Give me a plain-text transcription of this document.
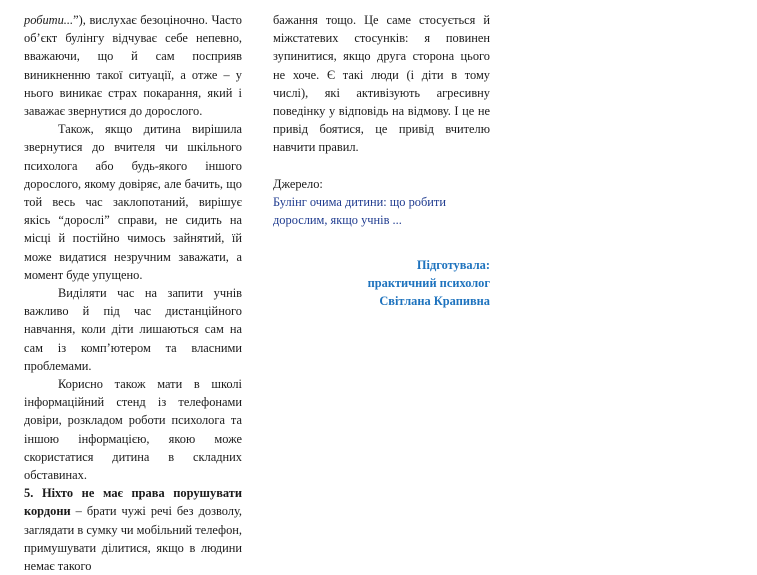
робити...”), вислухає безоціночно. Часто об’єкт булінгу відчуває себе непевно, вважаючи, що й сам посприяв виникненню такої ситуації, а отже – у нього виникає страх покарання, який і заважає звернутися до дорослого.

Також, якщо дитина вирішила звернутися до вчителя чи шкільного психолога або будь-якого іншого дорослого, якому довіряє, але бачить, що той весь час заклопотаний, вирішує якісь “дорослі” справи, не сидить на місці й постійно чимось зайнятий, їй може видатися незручним заважати, а момент буде упущено.

Виділяти час на запити учнів важливо й під час дистанційного навчання, коли діти лишаються сам на сам із комп’ютером та власними проблемами.

Корисно також мати в школі інформаційний стенд із телефонами довіри, розкладом роботи психолога та іншою інформацією, якою може скористатися дитина в складних обставинах.

5. Ніхто не має права порушувати кордони – брати чужі речі без дозволу, заглядати в сумку чи мобільний телефон, примушувати ділитися, якщо в людини немає такого

бажання тощо. Це саме стосується й міжстатевих стосунків: я повинен зупинитися, якщо друга сторона цього не хоче. Є такі люди (і діти в тому числі), які активізують агресивну поведінку у відповідь на відмову. І це не привід боятися, це привід вчителю навчити правил.

Джерело:

Булінг очима дитини: що робити дорослим, якщо учнів ...

Підготувала:

практичний психолог

Світлана Крапивна
